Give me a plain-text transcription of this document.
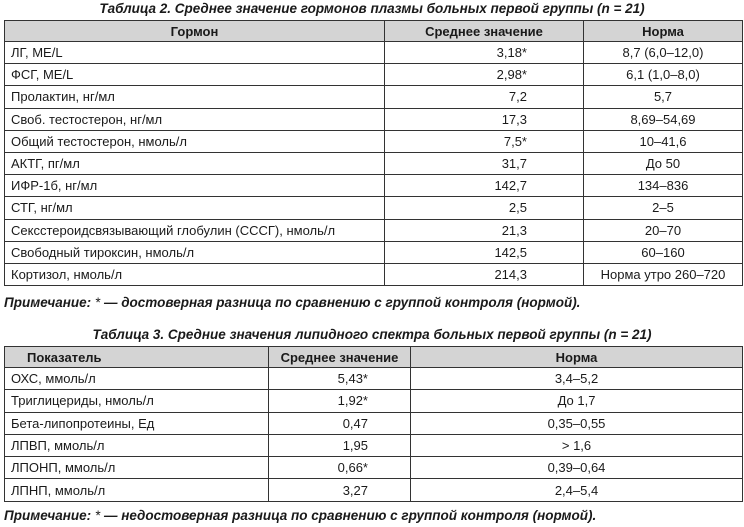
Таблица 2. Среднее значение гормонов плазмы больных первой группы (n = 21)
Гормон	Среднее значение	Норма
ЛГ, МЕ/L	3,18*	8,7 (6,0–12,0)
ФСГ, МЕ/L	2,98*	6,1 (1,0–8,0)
Пролактин, нг/мл	7,2	5,7
Своб. тестостерон, нг/мл	17,3	8,69–54,69
Общий тестостерон, нмоль/л	7,5*	10–41,6
АКТГ, пг/мл	31,7	До 50
ИФР-1б, нг/мл	142,7	134–836
СТГ, нг/мл	2,5	2–5
Сексстероидсвязывающий глобулин (СССГ), нмоль/л	21,3	20–70
Свободный тироксин, нмоль/л	142,5	60–160
Кортизол, нмоль/л	214,3	Норма утро 260–720
Примечание: * — достоверная разница по сравнению с группой контроля (нормой).
Таблица 3. Средние значения липидного спектра больных первой группы (n = 21)
Показатель	Среднее значение	Норма
ОХС, ммоль/л	5,43*	3,4–5,2
Триглицериды, нмоль/л	1,92*	До 1,7
Бета-липопротеины, Ед	0,47	0,35–0,55
ЛПВП, ммоль/л	1,95	> 1,6
ЛПОНП, ммоль/л	0,66*	0,39–0,64
ЛПНП, ммоль/л	3,27	2,4–5,4
Примечание: * — недостоверная разница по сравнению с группой контроля (нормой).
